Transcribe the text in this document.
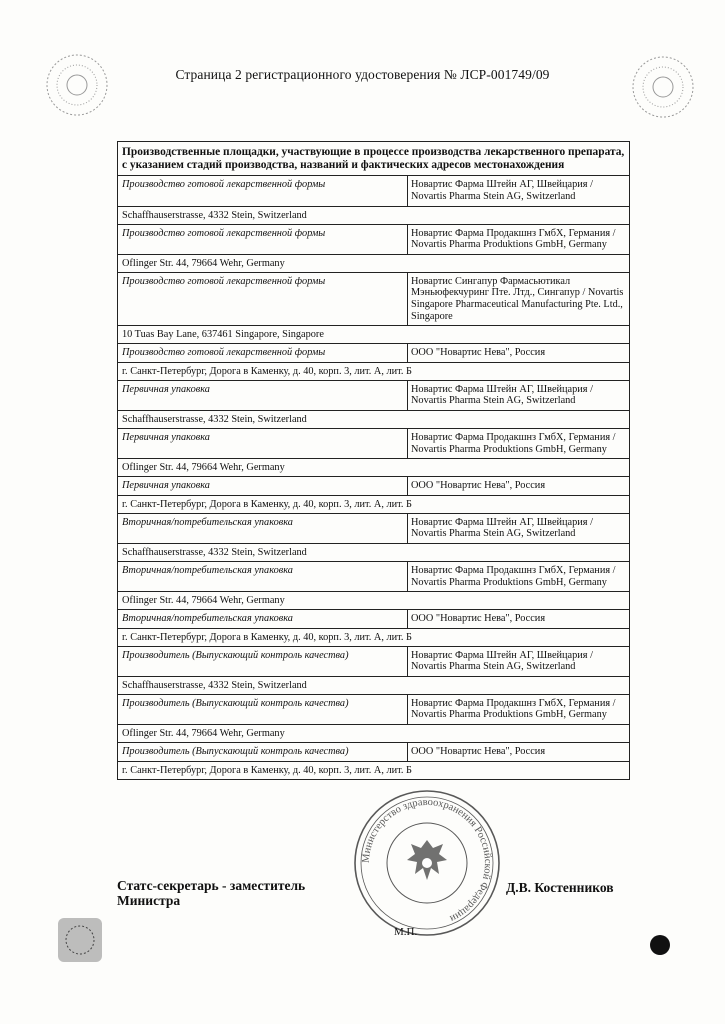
Страница 2 регистрационного удостоверения № ЛСР-001749/09
Производственные площадки, участвующие в процессе производства лекарственного препарата, с указанием стадий производства, названий и фактических адресов местонахождения
Производство готовой лекарственной формы	Новартис Фарма Штейн АГ, Швейцария / Novartis Pharma Stein AG, Switzerland
Schaffhauserstrasse, 4332 Stein, Switzerland
Производство готовой лекарственной формы	Новартис Фарма Продакшнз ГмбХ, Германия / Novartis Pharma Produktions GmbH, Germany
Oflinger Str. 44, 79664 Wehr, Germany
Производство готовой лекарственной формы	Новартис Сингапур Фармасьютикал Мэньюфекчуринг Пте. Лтд., Сингапур / Novartis Singapore Pharmaceutical Manufacturing Pte. Ltd., Singapore
10 Tuas Bay Lane, 637461 Singapore, Singapore
Производство готовой лекарственной формы	ООО "Новартис Нева", Россия
г. Санкт-Петербург, Дорога в Каменку, д. 40, корп. 3, лит. А, лит. Б
Первичная упаковка	Новартис Фарма Штейн АГ, Швейцария / Novartis Pharma Stein AG, Switzerland
Schaffhauserstrasse, 4332 Stein, Switzerland
Первичная упаковка	Новартис Фарма Продакшнз ГмбХ, Германия / Novartis Pharma Produktions GmbH, Germany
Oflinger Str. 44, 79664 Wehr, Germany
Первичная упаковка	ООО "Новартис Нева", Россия
г. Санкт-Петербург, Дорога в Каменку, д. 40, корп. 3, лит. А, лит. Б
Вторичная/потребительская упаковка	Новартис Фарма Штейн АГ, Швейцария / Novartis Pharma Stein AG, Switzerland
Schaffhauserstrasse, 4332 Stein, Switzerland
Вторичная/потребительская упаковка	Новартис Фарма Продакшнз ГмбХ, Германия / Novartis Pharma Produktions GmbH, Germany
Oflinger Str. 44, 79664 Wehr, Germany
Вторичная/потребительская упаковка	ООО "Новартис Нева", Россия
г. Санкт-Петербург, Дорога в Каменку, д. 40, корп. 3, лит. А, лит. Б
Производитель (Выпускающий контроль качества)	Новартис Фарма Штейн АГ, Швейцария / Novartis Pharma Stein AG, Switzerland
Schaffhauserstrasse, 4332 Stein, Switzerland
Производитель (Выпускающий контроль качества)	Новартис Фарма Продакшнз ГмбХ, Германия / Novartis Pharma Produktions GmbH, Germany
Oflinger Str. 44, 79664 Wehr, Germany
Производитель (Выпускающий контроль качества)	ООО "Новартис Нева", Россия
г. Санкт-Петербург, Дорога в Каменку, д. 40, корп. 3, лит. А, лит. Б
Министерство здравоохранения Российской Федерации
Статс-секретарь - заместитель
Министра
Д.В. Костенников
М.П.
